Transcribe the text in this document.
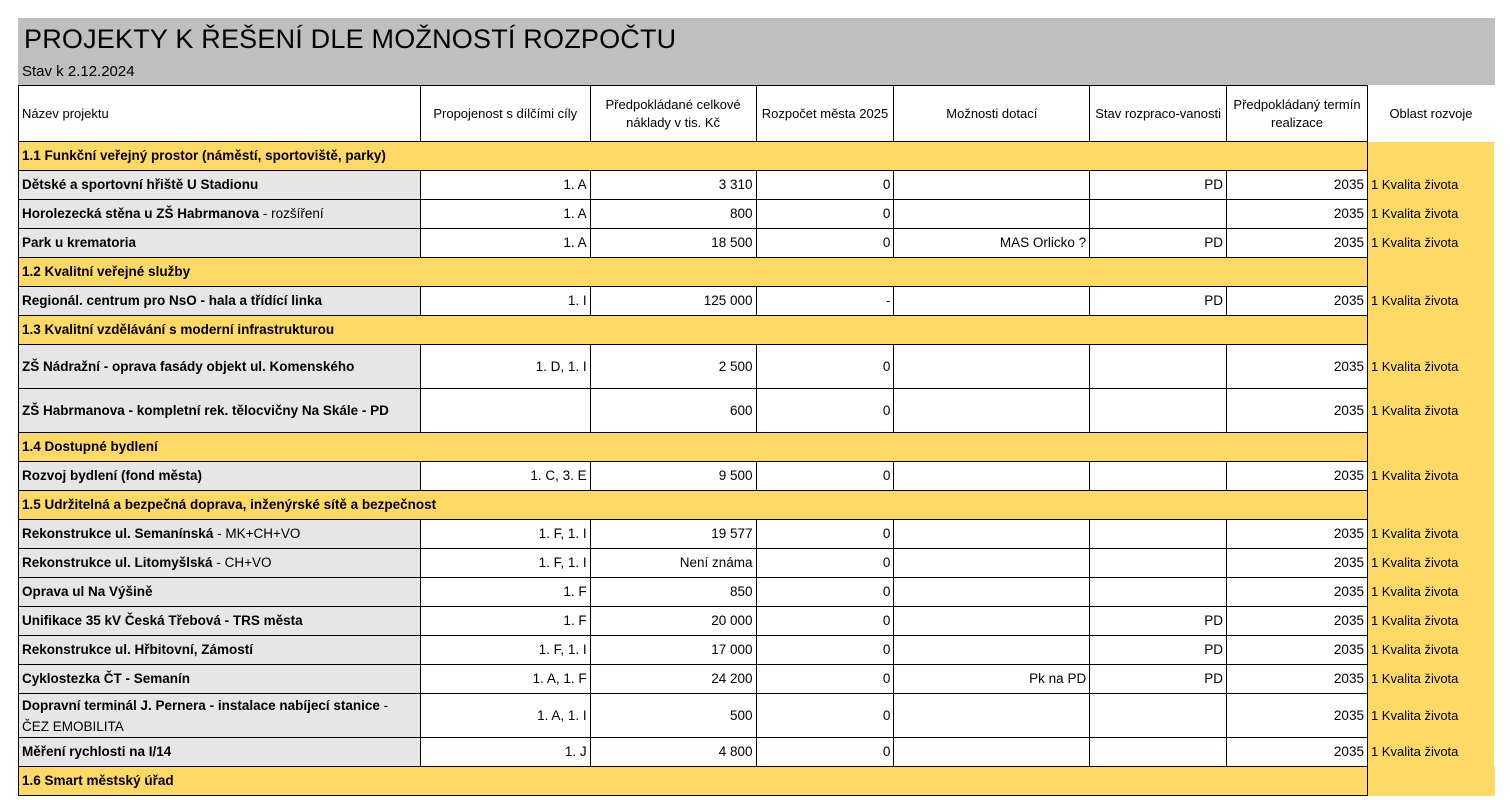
PROJEKTY K ŘEŠENÍ DLE MOŽNOSTÍ ROZPOČTU
Stav k 2.12.2024
Název projektu	Propojenost s dílčími cíly	Předpokládané celkové náklady v tis. Kč	Rozpočet města 2025	Možnosti dotací	Stav rozpraco-vanosti	Předpokládaný termín realizace	Oblast rozvoje
1.1 Funkční veřejný prostor (náměstí, sportoviště, parky)							
Dětské a sportovní hřiště U Stadionu	1. A	3 310	0		PD	2035	1 Kvalita života
Horolezecká stěna u ZŠ Habrmanova - rozšíření	1. A	800	0			2035	1 Kvalita života
Park u krematoria	1. A	18 500	0	MAS Orlicko ?	PD	2035	1 Kvalita života
1.2 Kvalitní veřejné služby							
Regionál. centrum pro NsO - hala a třídící linka	1. I	125 000	-		PD	2035	1 Kvalita života
1.3 Kvalitní vzdělávání s moderní infrastrukturou							
ZŠ Nádražní - oprava fasády objekt ul. Komenského	1. D, 1. I	2 500	0			2035	1 Kvalita života
ZŠ Habrmanova - kompletní rek. tělocvičny Na Skále - PD		600	0			2035	1 Kvalita života
1.4 Dostupné bydlení							
Rozvoj bydlení (fond města)	1. C, 3. E	9 500	0			2035	1 Kvalita života
1.5 Udržitelná a bezpečná doprava, inženýrské sítě a bezpečnost							
Rekonstrukce ul. Semanínská - MK+CH+VO	1. F, 1. I	19 577	0			2035	1 Kvalita života
Rekonstrukce ul. Litomyšlská - CH+VO	1. F, 1. I	Není známa	0			2035	1 Kvalita života
Oprava ul Na Výšině	1. F	850	0			2035	1 Kvalita života
Unifikace 35 kV Česká Třebová - TRS města	1. F	20 000	0		PD	2035	1 Kvalita života
Rekonstrukce ul. Hřbitovní, Zámostí	1. F, 1. I	17 000	0		PD	2035	1 Kvalita života
Cyklostezka ČT - Semanín	1. A, 1. F	24 200	0	Pk na PD	PD	2035	1 Kvalita života
Dopravní terminál J. Pernera - instalace nabíjecí stanice - ČEZ EMOBILITA	1. A, 1. I	500	0			2035	1 Kvalita života
Měření rychlosti na I/14	1. J	4 800	0			2035	1 Kvalita života
1.6 Smart městský úřad							
